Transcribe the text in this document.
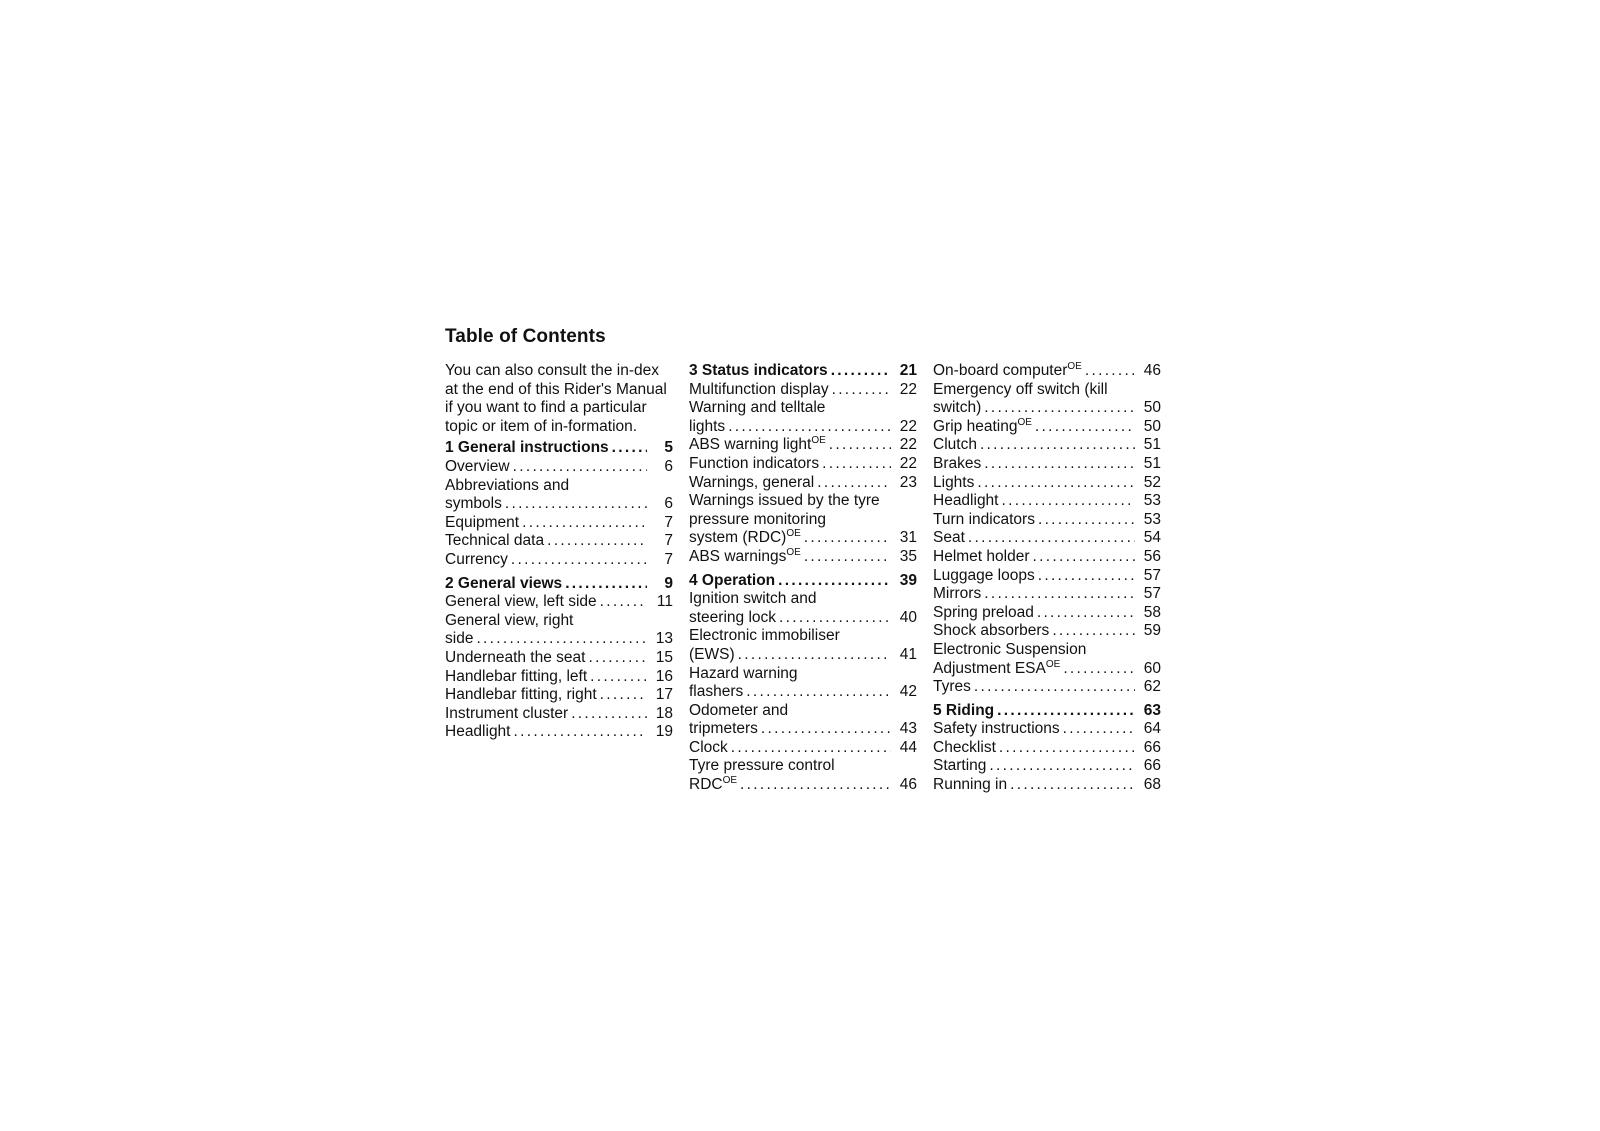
Table of Contents
You can also consult the in-dex at the end of this Rider's Manual if you want to find a particular topic or item of in-formation.
1 General instructions . . .	5
Overview . . .	6
Abbreviations and
symbols . . .	6
Equipment . . .	7
Technical data . . .	7
Currency . . .	7
2 General views . . .	9
General view, left side . . .	11
General view, right
side . . .	13
Underneath the seat . . .	15
Handlebar fitting, left . . .	16
Handlebar fitting, right . . .	17
Instrument cluster . . .	18
Headlight . . .	19
3 Status indicators . . .	21
Multifunction display . . .	22
Warning and telltale
lights . . .	22
ABS warning light$^{OE}$ . . .	22
Function indicators . . .	22
Warnings, general . . .	23
Warnings issued by the tyre pressure monitoring
system (RDC)$^{OE}$ . . .	31
ABS warnings$^{OE}$ . . .	35
4 Operation . . .	39
Ignition switch and
steering lock . . .	40
Electronic immobiliser
(EWS) . . .	41
Hazard warning
flashers . . .	42
Odometer and
tripmeters . . .	43
Clock . . .	44
Tyre pressure control
$RDC^{OE}$ . . .	46
On-board computer$^{OE}$ . . .	46
Emergency off switch (kill
switch) . . .	50
Grip heating$^{OE}$ . . .	50
Clutch . . .	51
Brakes . . .	51
Lights . . .	52
Headlight . . .	53
Turn indicators . . .	53
Seat . . .	54
Helmet holder . . .	56
Luggage loops . . .	57
Mirrors . . .	57
Spring preload . . .	58
Shock absorbers . . .	59
Electronic Suspension
Adjustment $ESA^{OE}$ . . .	60
Tyres . . .	62
5 Riding . . .	63
Safety instructions . . .	64
Checklist . . .	66
Starting . . .	66
Running in . . .	68
